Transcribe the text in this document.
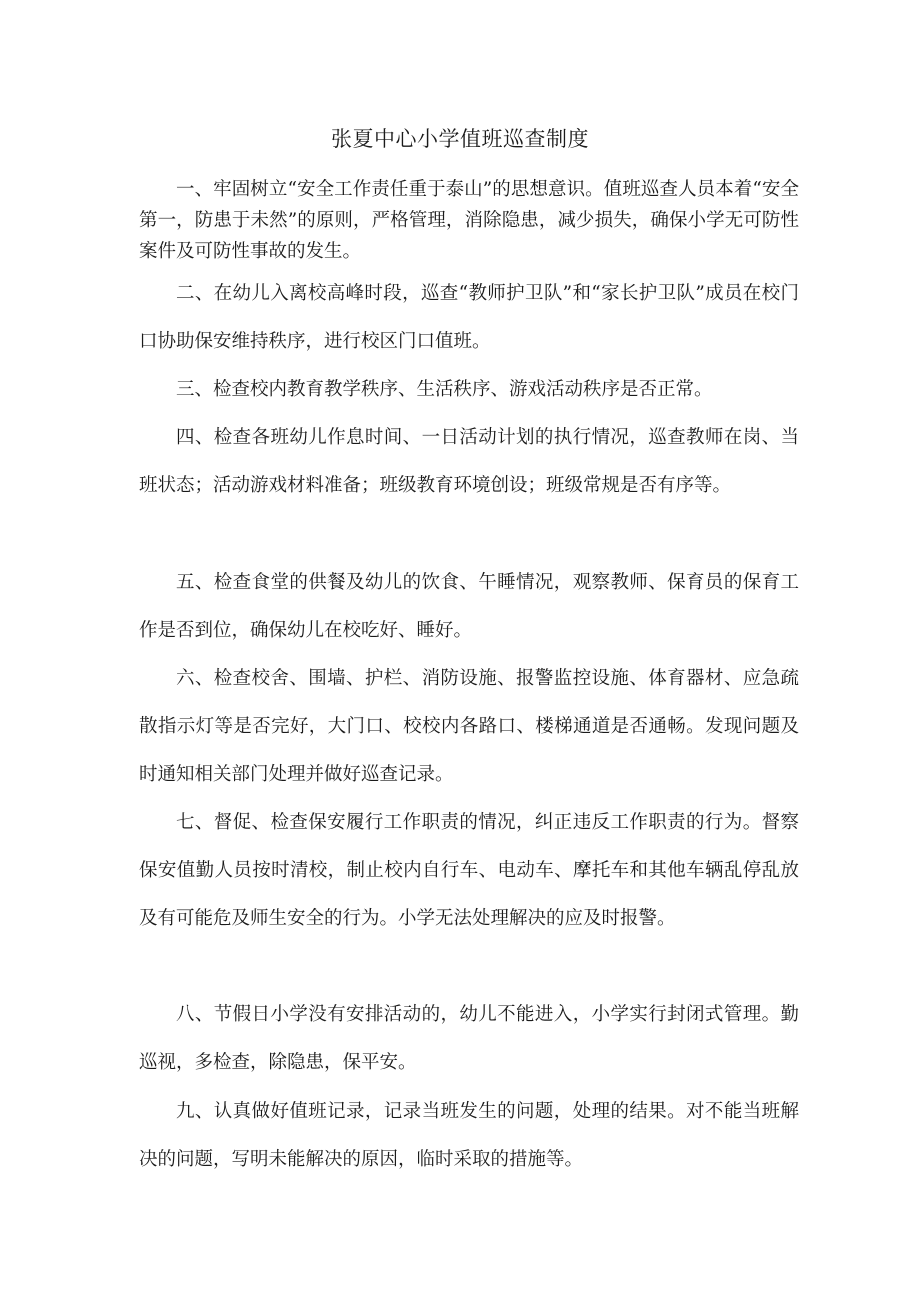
张夏中心小学值班巡查制度

一、牢固树立“安全工作责任重于泰山”的思想意识。值班巡查人员本着“安全第一，防患于未然”的原则，严格管理，消除隐患，减少损失，确保小学无可防性案件及可防性事故的发生。

二、在幼儿入离校高峰时段，巡查“教师护卫队”和“家长护卫队”成员在校门口协助保安维持秩序，进行校区门口值班。

三、检查校内教育教学秩序、生活秩序、游戏活动秩序是否正常。

四、检查各班幼儿作息时间、一日活动计划的执行情况，巡查教师在岗、当班状态；活动游戏材料准备；班级教育环境创设；班级常规是否有序等。

五、检查食堂的供餐及幼儿的饮食、午睡情况，观察教师、保育员的保育工作是否到位，确保幼儿在校吃好、睡好。

六、检查校舍、围墙、护栏、消防设施、报警监控设施、体育器材、应急疏散指示灯等是否完好，大门口、校校内各路口、楼梯通道是否通畅。发现问题及时通知相关部门处理并做好巡查记录。

七、督促、检查保安履行工作职责的情况，纠正违反工作职责的行为。督察保安值勤人员按时清校，制止校内自行车、电动车、摩托车和其他车辆乱停乱放及有可能危及师生安全的行为。小学无法处理解决的应及时报警。

八、节假日小学没有安排活动的，幼儿不能进入，小学实行封闭式管理。勤巡视，多检查，除隐患，保平安。

九、认真做好值班记录，记录当班发生的问题，处理的结果。对不能当班解决的问题，写明未能解决的原因，临时采取的措施等。
